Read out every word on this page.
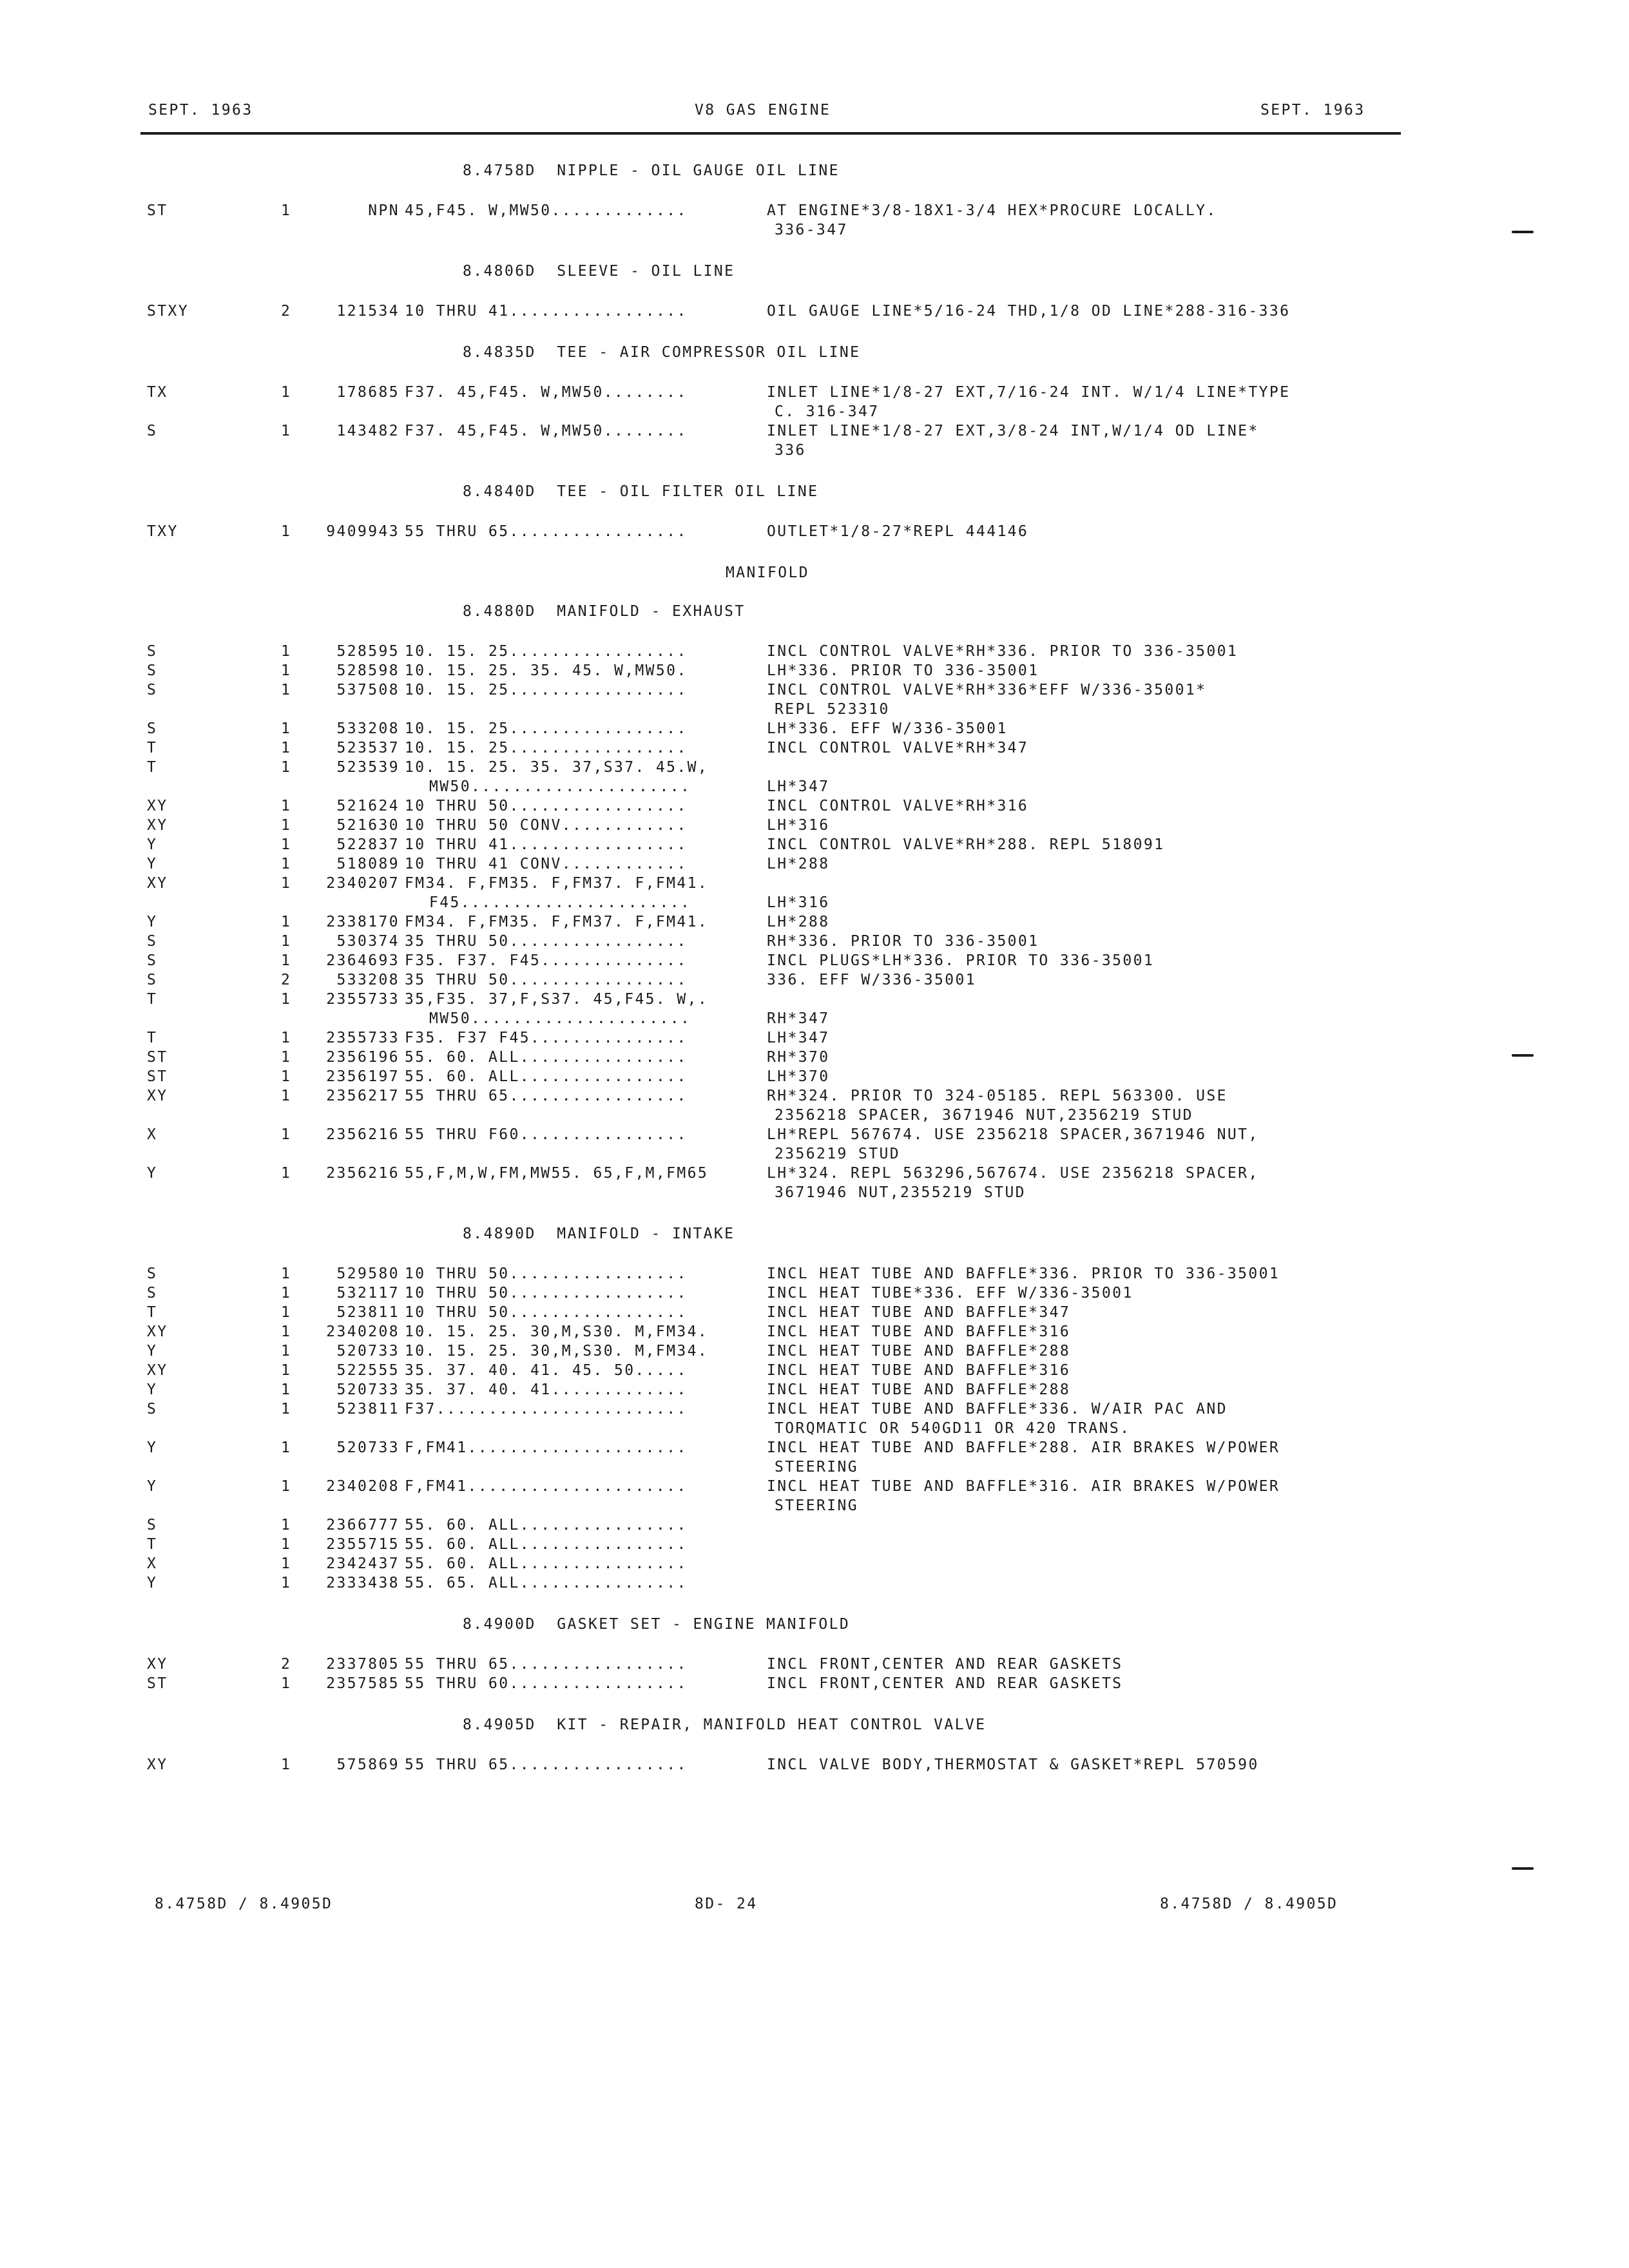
SEPT. 1963	V8 GAS ENGINE	SEPT. 1963
8.4758D  NIPPLE - OIL GAUGE OIL LINE
ST	1	NPN 45,F45. W,MW50.............	AT ENGINE*3/8-18X1-3/4 HEX*PROCURE LOCALLY.
336-347
8.4806D  SLEEVE - OIL LINE
STXY	2	121534 10 THRU 41.................	OIL GAUGE LINE*5/16-24 THD,1/8 OD LINE*288-316-336
8.4835D  TEE - AIR COMPRESSOR OIL LINE
TX	1	178685 F37. 45,F45. W,MW50........	INLET LINE*1/8-27 EXT,7/16-24 INT. W/1/4 LINE*TYPE
C. 316-347
S	1	143482 F37. 45,F45. W,MW50........	INLET LINE*1/8-27 EXT,3/8-24 INT,W/1/4 OD LINE*
336
8.4840D  TEE - OIL FILTER OIL LINE
TXY	1	9409943 55 THRU 65.................	OUTLET*1/8-27*REPL 444146
MANIFOLD
8.4880D  MANIFOLD - EXHAUST
S	1	528595 10. 15. 25.................	INCL CONTROL VALVE*RH*336. PRIOR TO 336-35001
S	1	528598 10. 15. 25. 35. 45. W,MW50.	LH*336. PRIOR TO 336-35001
S	1	537508 10. 15. 25.................	INCL CONTROL VALVE*RH*336*EFF W/336-35001*
REPL 523310
S	1	533208 10. 15. 25.................	LH*336. EFF W/336-35001
T	1	523537 10. 15. 25.................	INCL CONTROL VALVE*RH*347
T	1	523539 10. 15. 25. 35. 37,S37. 45.W,
MW50.....................	LH*347
XY	1	521624 10 THRU 50.................	INCL CONTROL VALVE*RH*316
XY	1	521630 10 THRU 50 CONV............	LH*316
Y	1	522837 10 THRU 41.................	INCL CONTROL VALVE*RH*288. REPL 518091
Y	1	518089 10 THRU 41 CONV............	LH*288
XY	1	2340207 FM34. F,FM35. F,FM37. F,FM41.
F45......................	LH*316
Y	1	2338170 FM34. F,FM35. F,FM37. F,FM41.	LH*288
S	1	530374 35 THRU 50.................	RH*336. PRIOR TO 336-35001
S	1	2364693 F35. F37. F45..............	INCL PLUGS*LH*336. PRIOR TO 336-35001
S	2	533208 35 THRU 50.................	336. EFF W/336-35001
T	1	2355733 35,F35. 37,F,S37. 45,F45. W,.
MW50.....................	RH*347
T	1	2355733 F35. F37 F45...............	LH*347
ST	1	2356196 55. 60. ALL................	RH*370
ST	1	2356197 55. 60. ALL................	LH*370
XY	1	2356217 55 THRU 65.................	RH*324. PRIOR TO 324-05185. REPL 563300. USE
2356218 SPACER, 3671946 NUT,2356219 STUD
X	1	2356216 55 THRU F60................	LH*REPL 567674. USE 2356218 SPACER,3671946 NUT,
2356219 STUD
Y	1	2356216 55,F,M,W,FM,MW55. 65,F,M,FM65	LH*324. REPL 563296,567674. USE 2356218 SPACER,
3671946 NUT,2355219 STUD
8.4890D  MANIFOLD - INTAKE
S	1	529580 10 THRU 50.................	INCL HEAT TUBE AND BAFFLE*336. PRIOR TO 336-35001
S	1	532117 10 THRU 50.................	INCL HEAT TUBE*336. EFF W/336-35001
T	1	523811 10 THRU 50.................	INCL HEAT TUBE AND BAFFLE*347
XY	1	2340208 10. 15. 25. 30,M,S30. M,FM34.	INCL HEAT TUBE AND BAFFLE*316
Y	1	520733 10. 15. 25. 30,M,S30. M,FM34.	INCL HEAT TUBE AND BAFFLE*288
XY	1	522555 35. 37. 40. 41. 45. 50.....	INCL HEAT TUBE AND BAFFLE*316
Y	1	520733 35. 37. 40. 41.............	INCL HEAT TUBE AND BAFFLE*288
S	1	523811 F37........................	INCL HEAT TUBE AND BAFFLE*336. W/AIR PAC AND
TORQMATIC OR 540GD11 OR 420 TRANS.
Y	1	520733 F,FM41.....................	INCL HEAT TUBE AND BAFFLE*288. AIR BRAKES W/POWER
STEERING
Y	1	2340208 F,FM41.....................	INCL HEAT TUBE AND BAFFLE*316. AIR BRAKES W/POWER
STEERING
S	1	2366777 55. 60. ALL................
T	1	2355715 55. 60. ALL................
X	1	2342437 55. 60. ALL................
Y	1	2333438 55. 65. ALL................
8.4900D  GASKET SET - ENGINE MANIFOLD
XY	2	2337805 55 THRU 65.................	INCL FRONT,CENTER AND REAR GASKETS
ST	1	2357585 55 THRU 60.................	INCL FRONT,CENTER AND REAR GASKETS
8.4905D  KIT - REPAIR, MANIFOLD HEAT CONTROL VALVE
XY	1	575869 55 THRU 65.................	INCL VALVE BODY,THERMOSTAT & GASKET*REPL 570590
8.4758D / 8.4905D	8D- 24	8.4758D / 8.4905D
